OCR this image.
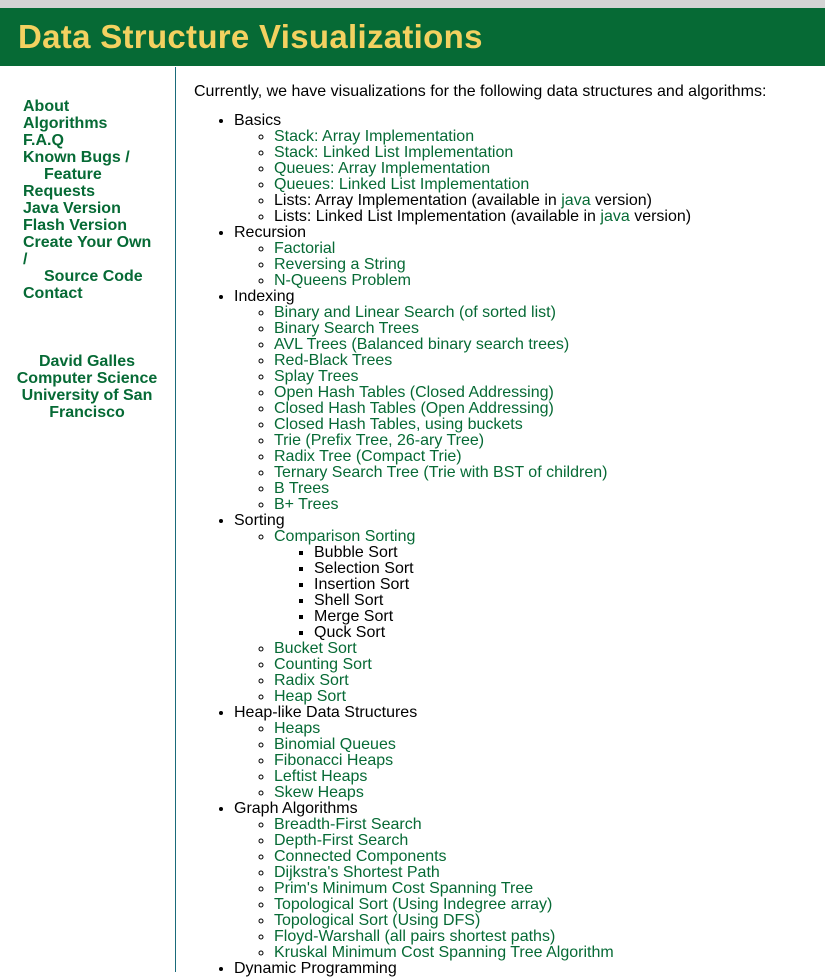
Data Structure Visualizations
About
Algorithms
F.A.Q
Known Bugs /
Feature
Requests
Java Version
Flash Version
Create Your Own
/
Source Code
Contact
David Galles
Computer Science
University of San
Francisco

Currently, we have visualizations for the following data structures and algorithms:

• Basics
◦ Stack: Array Implementation
◦ Stack: Linked List Implementation
◦ Queues: Array Implementation
◦ Queues: Linked List Implementation
◦ Lists: Array Implementation (available in java version)
◦ Lists: Linked List Implementation (available in java version)
• Recursion
◦ Factorial
◦ Reversing a String
◦ N-Queens Problem
• Indexing
◦ Binary and Linear Search (of sorted list)
◦ Binary Search Trees
◦ AVL Trees (Balanced binary search trees)
◦ Red-Black Trees
◦ Splay Trees
◦ Open Hash Tables (Closed Addressing)
◦ Closed Hash Tables (Open Addressing)
◦ Closed Hash Tables, using buckets
◦ Trie (Prefix Tree, 26-ary Tree)
◦ Radix Tree (Compact Trie)
◦ Ternary Search Tree (Trie with BST of children)
◦ B Trees
◦ B+ Trees
• Sorting
◦ Comparison Sorting
▪ Bubble Sort
▪ Selection Sort
▪ Insertion Sort
▪ Shell Sort
▪ Merge Sort
▪ Quck Sort
◦ Bucket Sort
◦ Counting Sort
◦ Radix Sort
◦ Heap Sort
• Heap-like Data Structures
◦ Heaps
◦ Binomial Queues
◦ Fibonacci Heaps
◦ Leftist Heaps
◦ Skew Heaps
• Graph Algorithms
◦ Breadth-First Search
◦ Depth-First Search
◦ Connected Components
◦ Dijkstra's Shortest Path
◦ Prim's Minimum Cost Spanning Tree
◦ Topological Sort (Using Indegree array)
◦ Topological Sort (Using DFS)
◦ Floyd-Warshall (all pairs shortest paths)
◦ Kruskal Minimum Cost Spanning Tree Algorithm
• Dynamic Programming
